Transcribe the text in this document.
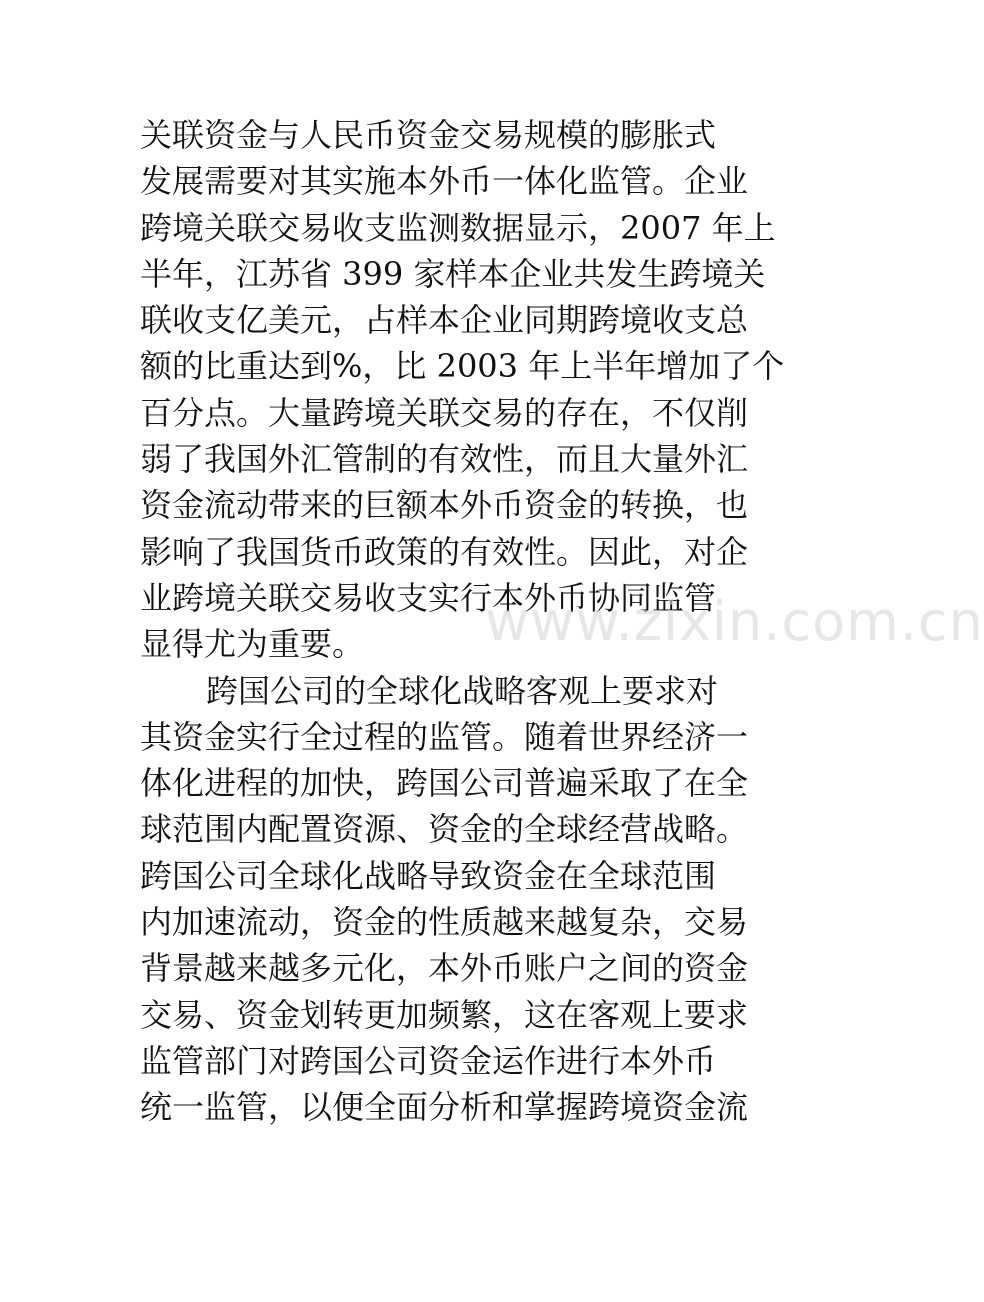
关联资金与人民币资金交易规模的膨胀式
发展需要对其实施本外币一体化监管。企业
跨境关联交易收支监测数据显示，2007 年上
半年，江苏省 399 家样本企业共发生跨境关
联收支亿美元，占样本企业同期跨境收支总
额的比重达到%，比 2003 年上半年增加了个
百分点。大量跨境关联交易的存在，不仅削
弱了我国外汇管制的有效性，而且大量外汇
资金流动带来的巨额本外币资金的转换，也
影响了我国货币政策的有效性。因此，对企
业跨境关联交易收支实行本外币协同监管
显得尤为重要。
跨国公司的全球化战略客观上要求对
其资金实行全过程的监管。随着世界经济一
体化进程的加快，跨国公司普遍采取了在全
球范围内配置资源、资金的全球经营战略。
跨国公司全球化战略导致资金在全球范围
内加速流动，资金的性质越来越复杂，交易
背景越来越多元化，本外币账户之间的资金
交易、资金划转更加频繁，这在客观上要求
监管部门对跨国公司资金运作进行本外币
统一监管，以便全面分析和掌握跨境资金流
www.zixin.com.cn
